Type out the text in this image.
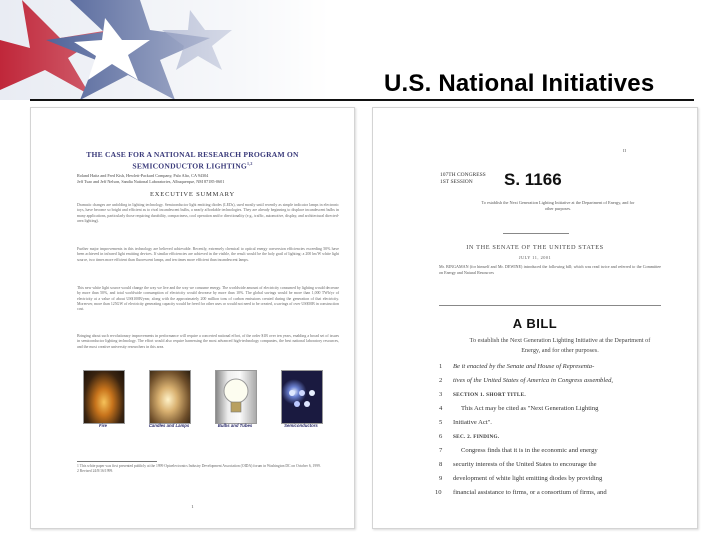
U.S. National Initiatives
THE CASE FOR A NATIONAL RESEARCH PROGRAM ON
SEMICONDUCTOR LIGHTING$^{1,2}$
Roland Haitz and Fred Kish, Hewlett-Packard Company, Palo Alto, CA 94304
Jeff Tsao and Jeff Nelson, Sandia National Laboratories, Albuquerque, NM 87185-0601
EXECUTIVE SUMMARY
Dramatic changes are unfolding in lighting technology. Semiconductor light emitting diodes (LEDs), used mostly until recently as simple indicator lamps in electronic toys, have become so bright and efficient as to rival incandescent bulbs, a nearly affordable technologies. They are already beginning to displace incandescent bulbs in many applications, particularly those requiring durability, compactness, cool operation and/or directionality (e.g., traffic, automotive, display, and architectural directed-area lighting).
Further major improvements in this technology are believed achievable. Recently, extremely chemical to optical energy conversion efficiencies exceeding 50% have been achieved in infrared light emitting devices. If similar efficiencies are achieved in the visible, the result would be the holy grail of lighting: a 200 lm/W white light source, two times more efficient than fluorescent lamps, and ten times more efficient than incandescent lamps.
This new white light source would change the way we live and the way we consume energy. The worldwide amount of electricity consumed by lighting would decrease by more than 50%, and total worldwide consumption of electricity would decrease by more than 10%. The global savings would be more than 1,000 TWh/yr of electricity at a value of about US$100B/year, along with the approximately 200 million tons of carbon emissions created during the generation of that electricity. Moreover, more than 125GW of electricity generating capacity would be freed for other uses or would not need to be created, a savings of over US$50B in construction cost.
Bringing about such revolutionary improvements in performance will require a concerted national effort, of the order $1B over ten years, enabling a broad set of issues in semiconductor lighting technology. The effort would also require harnessing the most advanced high-technology companies, the best national laboratory resources, and the most creative university researchers in this area.
Fire	Candles and Lamps	Bulbs and Tubes	Semiconductors
1 This white paper was first presented publicly at the 1999 Optoelectronics Industry Development Association (OIDA) forum in Washington DC on October 6, 1999.
2 Revised 24/8/16/1999.
1
II
107TH CONGRESS
1ST SESSION	S. 1166
To establish the Next Generation Lighting Initiative at the Department of Energy, and for other purposes.
IN THE SENATE OF THE UNITED STATES
JULY 11, 2001
Mr. BINGAMAN (for himself and Mr. DEWINE) introduced the following bill; which was read twice and referred to the Committee on Energy and Natural Resources
A BILL
To establish the Next Generation Lighting Initiative at the Department of Energy, and for other purposes.
1	Be it enacted by the Senate and House of Representa-
2	tives of the United States of America in Congress assembled,
3	SECTION 1. SHORT TITLE.
4	This Act may be cited as "Next Generation Lighting
5	Initiative Act".
6	SEC. 2. FINDING.
7	Congress finds that it is in the economic and energy
8	security interests of the United States to encourage the
9	development of white light emitting diodes by providing
10	financial assistance to firms, or a consortium of firms, and
